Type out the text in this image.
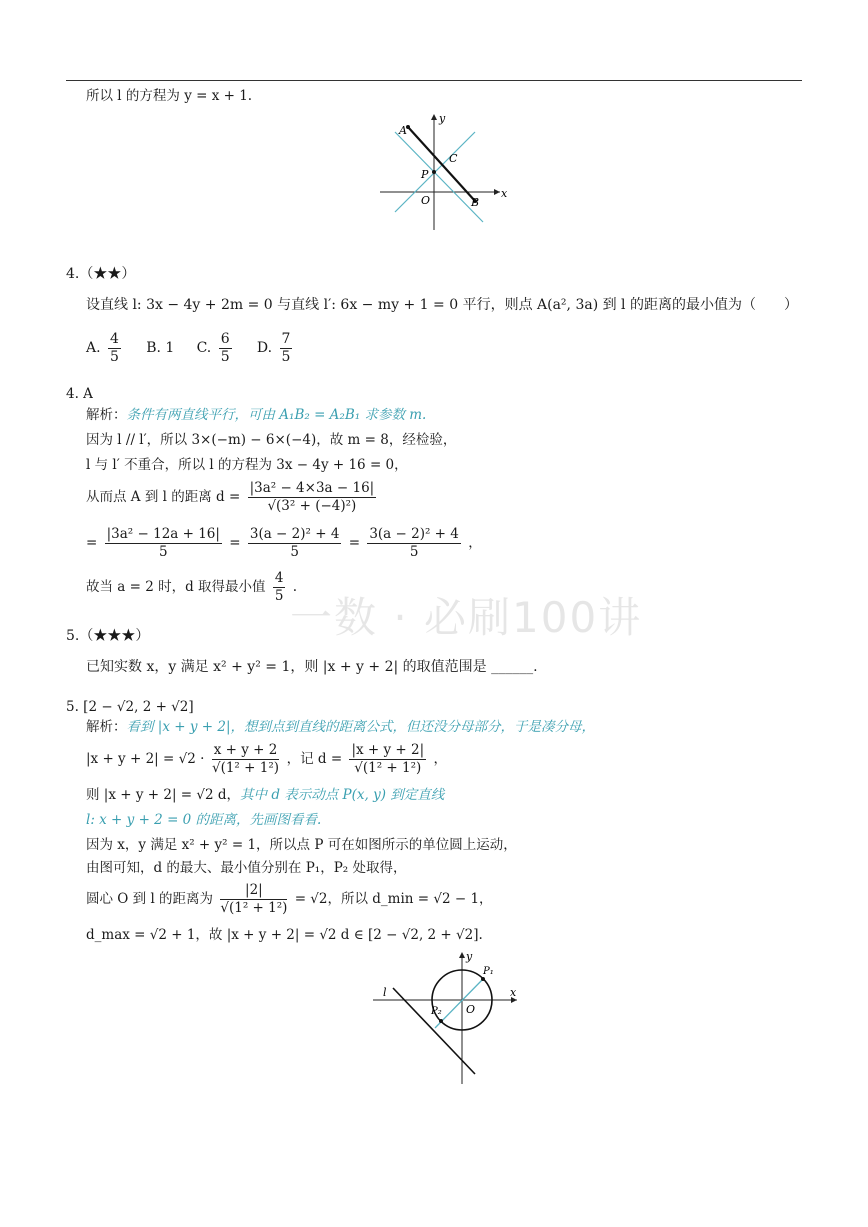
所以 l 的方程为 y = x + 1.
A
C
P
O	B
x
y
4.（★★）
设直线 l: 3x − 4y + 2m = 0 与直线 l′: 6x − my + 1 = 0 平行，则点 A(a², 3a) 到 l 的距离的最小值为（　　）
A. $\frac{4}{5} B$. 1 C. $\frac{6}{5} D$. $\frac{7}{5}$
4. A
解析：条件有两直线平行，可由 A₁B₂ = A₂B₁ 求参数 m.
因为 l // l′，所以 3×(−m) − 6×(−4)，故 m = 8，经检验，
l 与 l′ 不重合，所以 l 的方程为 3x − 4y + 16 = 0，
从而点 A 到 l 的距离 $d = \frac{\text{|3a² − 4×3a − 16|}}{\text{√(3² + (−4)²)}}$
= $\frac{\text{|3a² − 12a + 16|}}{5} = \frac{\text{3(a − 2)² + 4}}{5} = \frac{\text{3(a − 2)² + 4}}{5}$ ，
故当 a = 2 时，d 取得最小值 $\frac{4}{5}$ .
一数 · 必刷100讲
5.（★★★）
已知实数 x，y 满足 x² + y² = 1，则 |x + y + 2| 的取值范围是 ______.
5. [2 − √2, 2 + √2]
解析：看到 |x + y + 2|，想到点到直线的距离公式，但还没分母部分，于是凑分母，
$|x + y + 2| = √2 \cdot \frac{x + y + 2}{\text{√(1² + 1²)}}$ ，记 $d = \frac{|x + y + 2|}{\text{√(1² + 1²)}}$ ，
则 |x + y + 2| = √2 d，其中 d 表示动点 P(x, y) 到定直线
l: x + y + 2 = 0 的距离，先画图看看.
因为 x，y 满足 x² + y² = 1，所以点 P 可在如图所示的单位圆上运动，
由图可知，d 的最大、最小值分别在 P₁，P₂ 处取得，
圆心 O 到 l 的距离为 $\frac{|2|}{\text{√(1² + 1²)}} = √2$，所以 d_min = √2 − 1，
d_max = √2 + 1，故 |x + y + 2| = √2 d ∈ [2 − √2, 2 + √2].
l
P₁
P₂ O
x
y
